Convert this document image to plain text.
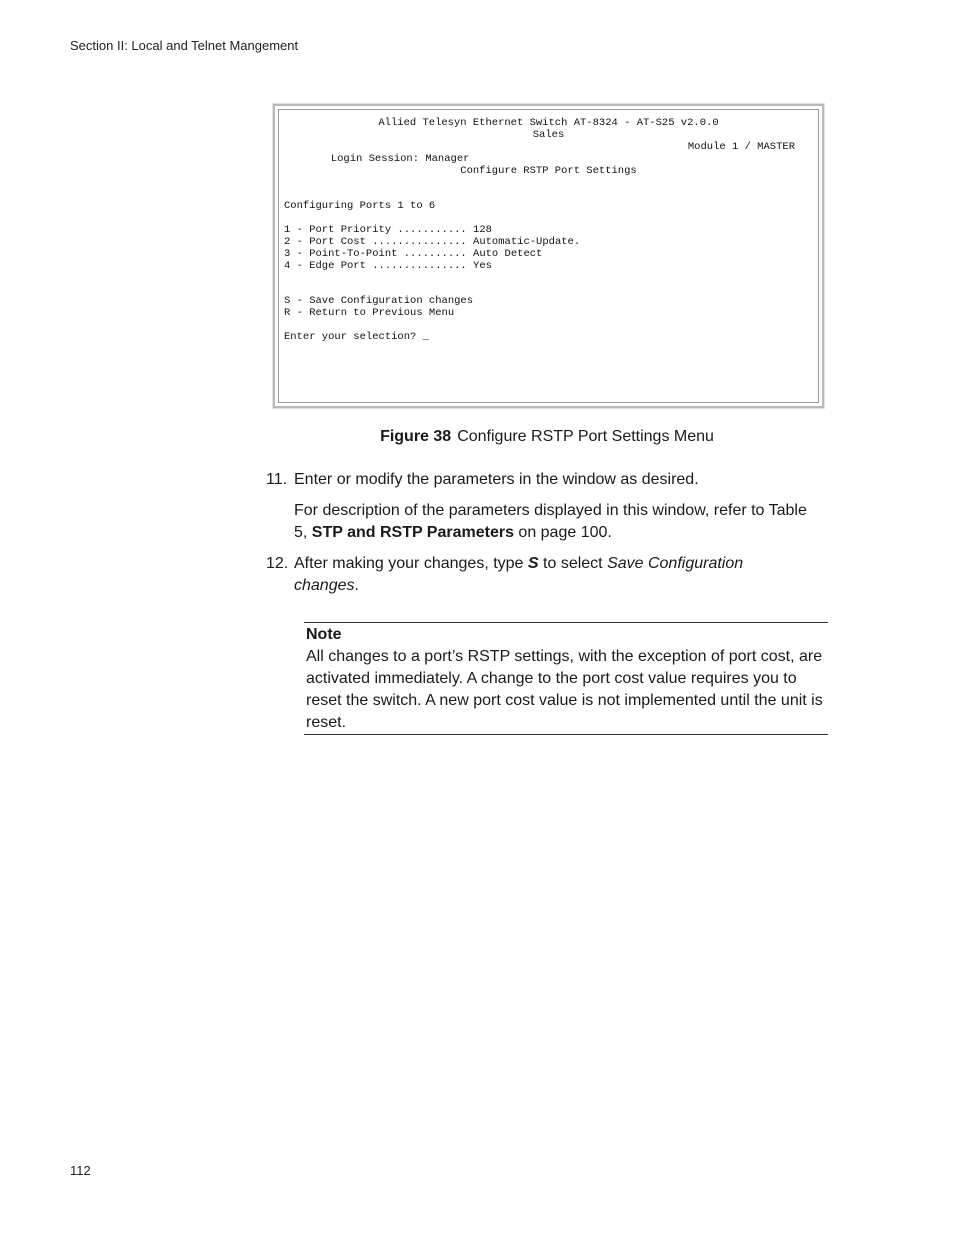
Section II: Local and Telnet Mangement
Allied Telesyn Ethernet Switch AT-8324 - AT-S25 v2.0.0
Sales

Login Session: Manager

Module 1 / MASTER

Configure RSTP Port Settings
Configuring Ports 1 to 6
1 - Port Priority ........... 128
2 - Port Cost ............... Automatic-Update.
3 - Point-To-Point .......... Auto Detect
4 - Edge Port ............... Yes
S - Save Configuration changes
R - Return to Previous Menu
Enter your selection? _
Figure 38 Configure RSTP Port Settings Menu
11. Enter or modify the parameters in the window as desired.
For description of the parameters displayed in this window, refer to Table 5, STP and RSTP Parameters on page 100.
12. After making your changes, type S to select Save Configuration changes.
Note
All changes to a port’s RSTP settings, with the exception of port cost, are activated immediately. A change to the port cost value requires you to reset the switch. A new port cost value is not implemented until the unit is reset.
112
